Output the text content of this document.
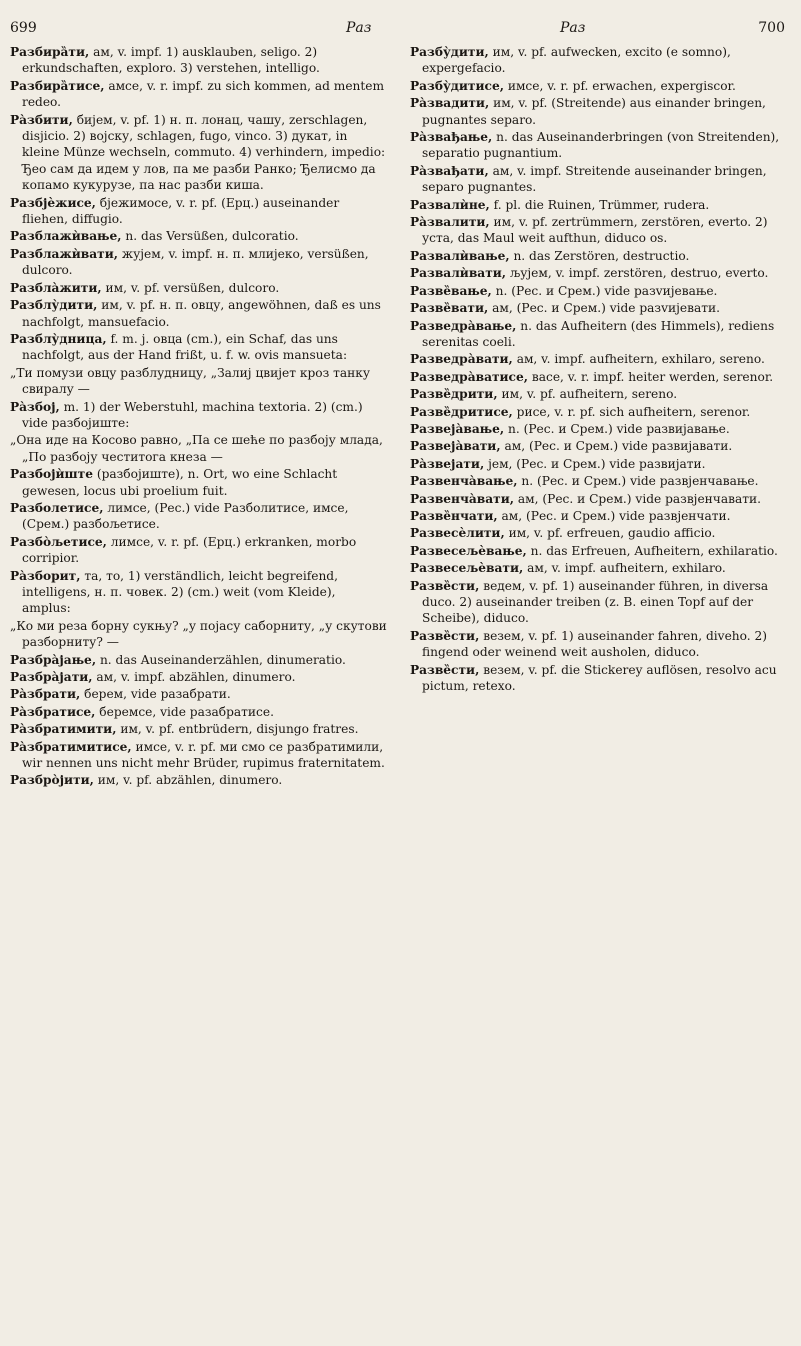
699	Раз	Раз	700
Разбира̏ти, ам, v. impf. 1) ausklauben, seligo. 2) erkundschaften, exploro. 3) verstehen, intelligo.
Разбира̏тисе, амсе, v. r. impf. zu sich kommen, ad mentem redeo.
Ра̀збити, бијем, v. pf. 1) н. п. лонац, чашу, zerschlagen, disjicio. 2) војску, schlagen, fugo, vinco. 3) дукат, in kleine Münze wechseln, commuto. 4) verhindern, impedio: Ђео сам да идем у лов, па ме разби Ранко; Ђелисмо да копамо кукурузе, па нас разби киша.
Разбјѐжисе, бјежимосе, v. r. pf. (Ерц.) auseinander fliehen, diffugio.
Разблажѝвање, n. das Versüßen, dulcoratio.
Разблажѝвати, жујем, v. impf. н. п. млијеко, versüßen, dulcoro.
Разбла̀жити, им, v. pf. versüßen, dulcoro.
Разблу̀дити, им, v. pf. н. п. овцу, angewöhnen, daß es uns nachfolgt, mansuefacio.
Разблу̀дница, f. m. j. овца (cm.), ein Schaf, das uns nachfolgt, aus der Hand frißt, u. f. w. ovis mansueta:
„Ти помузи овцу разблудницу, „Залиј цвијет кроз танку свиралу —
Ра̀збој, m. 1) der Weberstuhl, machina textoria. 2) (cm.) vide разбојиште:
„Она иде на Косово равно, „Па се шеће по разбоју млада, „По разбоју честитога кнеза —
Разбојѝште (разбојиште), n. Ort, wo eine Schlacht gewesen, locus ubi proelium fuit.
Разболетисе, лимсе, (Рес.) vide Разболитисе, имсе, (Срем.) разбољетисе.
Разбо̀љетисе, лимсе, v. r. pf. (Ерц.) erkranken, morbo corripior.
Ра̀зборит, та, то, 1) verständlich, leicht begreifend, intelligens, н. п. човек. 2) (cm.) weit (vom Kleide), amplus:
„Ко ми реза борну сукњу? „у појасу саборниту, „у скутови разборниту? —
Разбра̀јање, n. das Auseinanderzählen, dinumeratio.
Разбра̀јати, ам, v. impf. abzählen, dinumero.
Ра̀збрати, берем, vide разабрати.
Ра̀збратисе, беремсе, vide разабратисе.
Ра̀збратимити, им, v. pf. entbrüdern, disjungo fratres.
Ра̀збратимитисе, имсе, v. r. pf. ми смо се разбратимили, wir nennen uns nicht mehr Brüder, rupimus fraternitatem.
Разбро̀јити, им, v. pf. abzählen, dinumero.
Разбу̀дити, им, v. pf. aufwecken, excito (e somno), expergefacio.
Разбу̀дитисе, имсе, v. r. pf. erwachen, expergiscor.
Ра̀звадити, им, v. pf. (Streitende) aus einander bringen, pugnantes separo.
Ра̀звађање, n. das Auseinanderbringen (von Streitenden), separatio pugnantium.
Ра̀звађати, ам, v. impf. Streitende auseinander bringen, separo pugnantes.
Развалѝне, f. pl. die Ruinen, Trümmer, rudera.
Ра̀звалити, им, v. pf. zertrümmern, zerstören, everto. 2) уста, das Maul weit aufthun, diduco os.
Развалѝвање, n. das Zerstören, destructio.
Развалѝвати, љујем, v. impf. zerstören, destruo, everto.
Разве̏вање, n. (Рес. и Срем.) vide разvијевање.
Разве̏вати, ам, (Рес. и Срем.) vide разvијевати.
Разведра̀вање, n. das Aufheitern (des Himmels), rediens serenitas coeli.
Разведра̀вати, ам, v. impf. aufheitern, exhilaro, sereno.
Разведра̀ватисе, васе, v. r. impf. heiter werden, serenor.
Разве̏дрити, им, v. pf. aufheitern, sereno.
Разве̏дритисе, рисе, v. r. pf. sich aufheitern, serenor.
Развеја̀вање, n. (Рес. и Срем.) vide развијавање.
Развеја̀вати, ам, (Рес. и Срем.) vide развијавати.
Ра̀звејати, јем, (Рес. и Срем.) vide развијати.
Развенча̀вање, n. (Рес. и Срем.) vide развјенчавање.
Развенча̀вати, ам, (Рес. и Срем.) vide развјенчавати.
Разве̏нчати, ам, (Рес. и Срем.) vide развјенчати.
Развесѐлити, им, v. pf. erfreuen, gaudio afficio.
Развесељѐвање, n. das Erfreuen, Aufheitern, exhilaratio.
Развесељѐвати, ам, v. impf. aufheitern, exhilaro.
Разве̏сти, ведем, v. pf. 1) auseinander führen, in diversa duco. 2) auseinander treiben (z. B. einen Topf auf der Scheibe), diduco.
Разве̏сти, везем, v. pf. 1) auseinander fahren, diveho. 2) fingend oder weinend weit ausholen, diduco.
Разве̏сти, везем, v. pf. die Stickerey auflösen, resolvo acu pictum, retexo.
